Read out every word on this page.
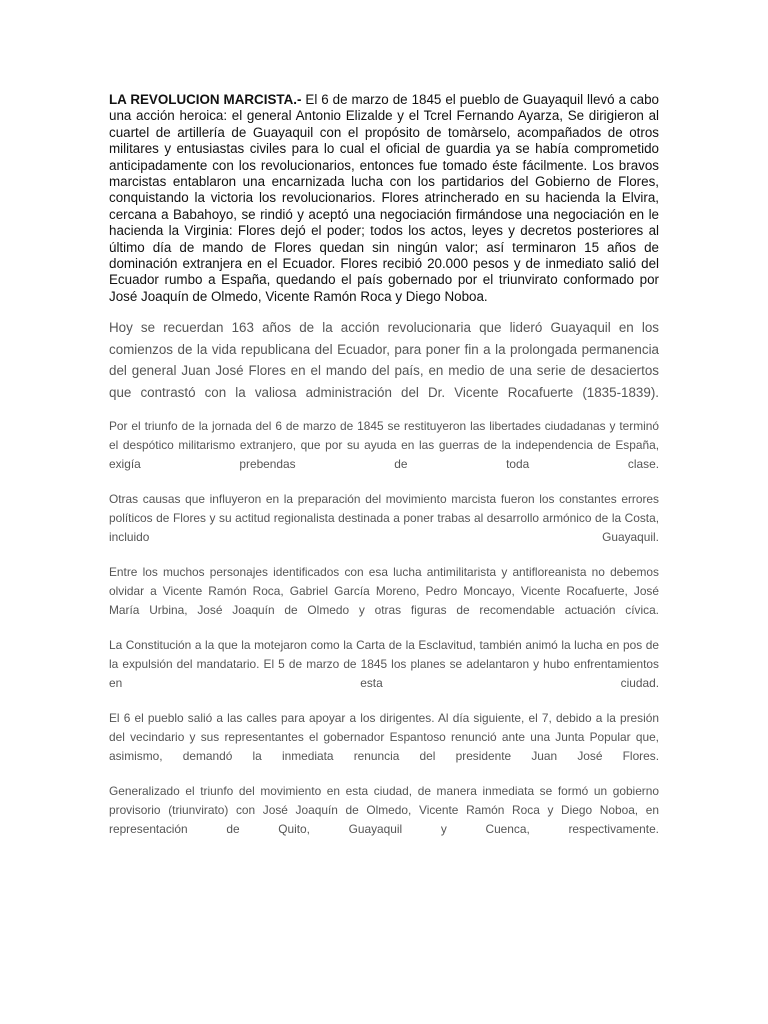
LA REVOLUCION MARCISTA.- El 6 de marzo de 1845 el pueblo de Guayaquil llevó a cabo una acción heroica: el general Antonio Elizalde y el Tcrel Fernando Ayarza, Se dirigieron al cuartel de artillería de Guayaquil con el propósito de tomàrselo, acompañados de otros militares y entusiastas civiles para lo cual el oficial de guardia ya se había comprometido anticipadamente con los revolucionarios, entonces fue tomado éste fácilmente. Los bravos marcistas entablaron una encarnizada lucha con los partidarios del Gobierno de Flores, conquistando la victoria los revolucionarios. Flores atrincherado en su hacienda la Elvira, cercana a Babahoyo, se rindió y aceptó una negociación firmándose una negociación en le hacienda la Virginia: Flores dejó el poder; todos los actos, leyes y decretos posteriores al último día de mando de Flores quedan sin ningún valor; así terminaron 15 años de dominación extranjera en el Ecuador. Flores recibió 20.000 pesos y de inmediato salió del Ecuador rumbo a España, quedando el país gobernado por el triunvirato conformado por José Joaquín de Olmedo, Vicente Ramón Roca y Diego Noboa.

Hoy se recuerdan 163 años de la acción revolucionaria que lideró Guayaquil en los comienzos de la vida republicana del Ecuador, para poner fin a la prolongada permanencia del general Juan José Flores en el mando del país, en medio de una serie de desaciertos que contrastó con la valiosa administración del Dr. Vicente Rocafuerte (1835-1839).

Por el triunfo de la jornada del 6 de marzo de 1845 se restituyeron las libertades ciudadanas y terminó el despótico militarismo extranjero, que por su ayuda en las guerras de la independencia de España, exigía prebendas de toda clase.

Otras causas que influyeron en la preparación del movimiento marcista fueron los constantes errores políticos de Flores y su actitud regionalista destinada a poner trabas al desarrollo armónico de la Costa, incluido Guayaquil.

Entre los muchos personajes identificados con esa lucha antimilitarista y antifloreanista no debemos olvidar a Vicente Ramón Roca, Gabriel García Moreno, Pedro Moncayo, Vicente Rocafuerte, José María Urbina, José Joaquín de Olmedo y otras figuras de recomendable actuación cívica.

La Constitución a la que la motejaron como la Carta de la Esclavitud, también animó la lucha en pos de la expulsión del mandatario. El 5 de marzo de 1845 los planes se adelantaron y hubo enfrentamientos en esta ciudad.

El 6 el pueblo salió a las calles para apoyar a los dirigentes. Al día siguiente, el 7, debido a la presión del vecindario y sus representantes el gobernador Espantoso renunció ante una Junta Popular que, asimismo, demandó la inmediata renuncia del presidente Juan José Flores.

Generalizado el triunfo del movimiento en esta ciudad, de manera inmediata se formó un gobierno provisorio (triunvirato) con José Joaquín de Olmedo, Vicente Ramón Roca y Diego Noboa, en representación de Quito, Guayaquil y Cuenca, respectivamente.
